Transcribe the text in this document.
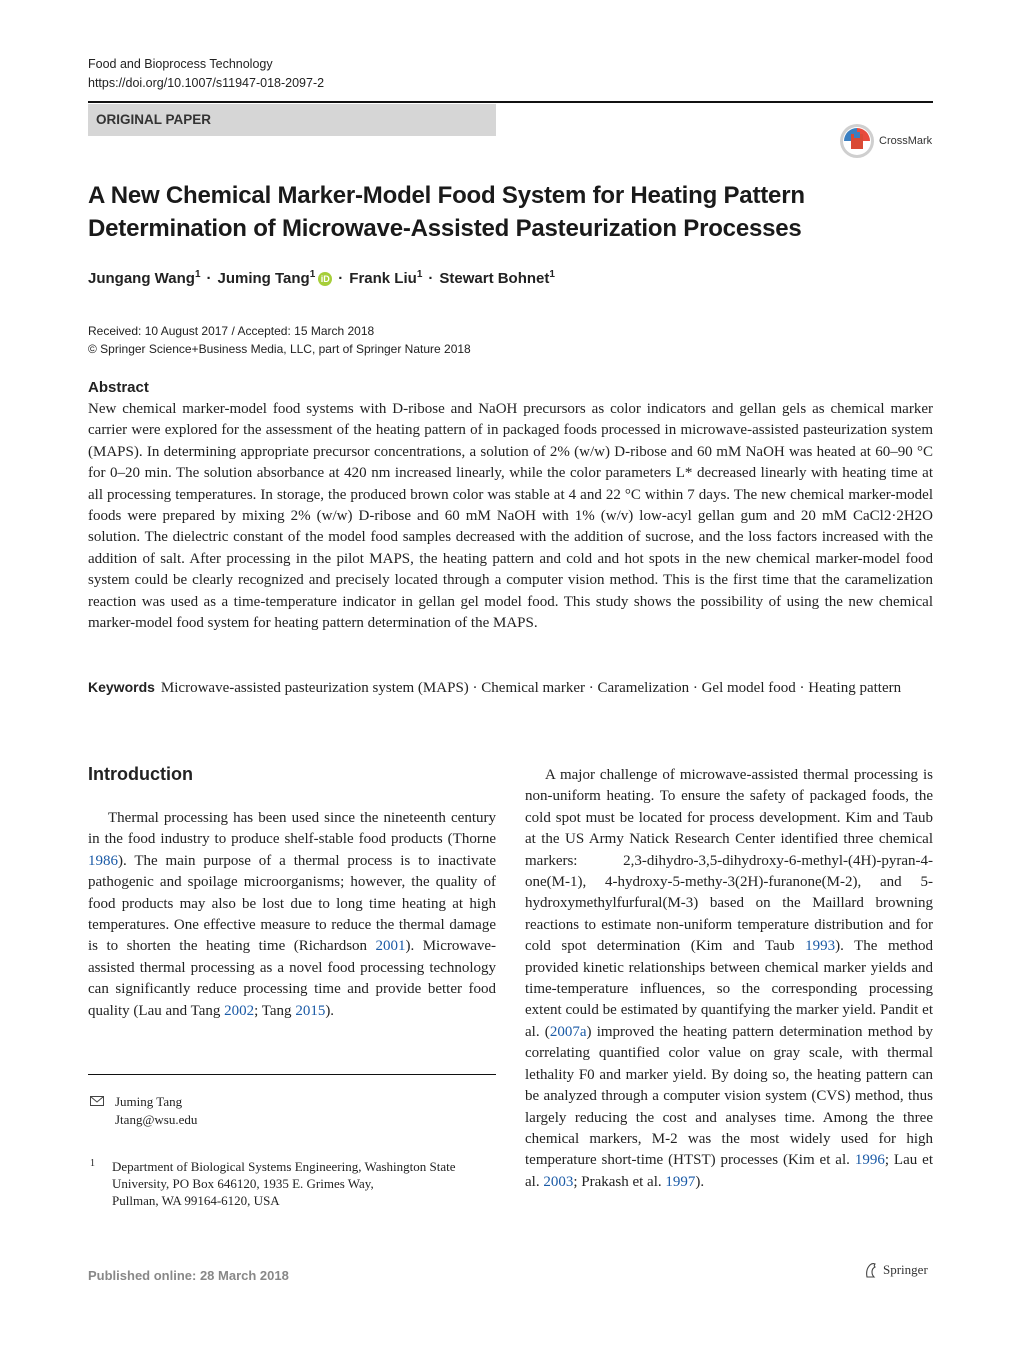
Food and Bioprocess Technology
https://doi.org/10.1007/s11947-018-2097-2
ORIGINAL PAPER
CrossMark
A New Chemical Marker-Model Food System for Heating Pattern
Determination of Microwave-Assisted Pasteurization Processes
Jungang Wang$^1$ · Juming Tang$^1$ iD · Frank Liu$^1$ · Stewart Bohnet$^1$
Received: 10 August 2017 / Accepted: 15 March 2018
© Springer Science+Business Media, LLC, part of Springer Nature 2018
Abstract
New chemical marker-model food systems with D-ribose and NaOH precursors as color indicators and gellan gels as chemical marker carrier were explored for the assessment of the heating pattern of in packaged foods processed in microwave-assisted pasteurization system (MAPS). In determining appropriate precursor concentrations, a solution of 2% (w/w) D-ribose and 60 mM NaOH was heated at 60–90 °C for 0–20 min. The solution absorbance at 420 nm increased linearly, while the color parameters L* decreased linearly with heating time at all processing temperatures. In storage, the produced brown color was stable at 4 and 22 °C within 7 days. The new chemical marker-model foods were prepared by mixing 2% (w/w) D-ribose and 60 mM NaOH with 1% (w/v) low-acyl gellan gum and 20 mM CaCl2·2H2O solution. The dielectric constant of the model food samples decreased with the addition of sucrose, and the loss factors increased with the addition of salt. After processing in the pilot MAPS, the heating pattern and cold and hot spots in the new chemical marker-model food system could be clearly recognized and precisely located through a computer vision method. This is the first time that the caramelization reaction was used as a time-temperature indicator in gellan gel model food. This study shows the possibility of using the new chemical marker-model food system for heating pattern determination of the MAPS.
Keywords Microwave-assisted pasteurization system (MAPS) · Chemical marker · Caramelization · Gel model food · Heating pattern
Introduction

Thermal processing has been used since the nineteenth century in the food industry to produce shelf-stable food products (Thorne 1986). The main purpose of a thermal process is to inactivate pathogenic and spoilage microorganisms; however, the quality of food products may also be lost due to long time heating at high temperatures. One effective measure to reduce the thermal damage is to shorten the heating time (Richardson 2001). Microwave-assisted thermal processing as a novel food processing technology can significantly reduce processing time and provide better food quality (Lau and Tang 2002; Tang 2015).

A major challenge of microwave-assisted thermal processing is non-uniform heating. To ensure the safety of packaged foods, the cold spot must be located for process development. Kim and Taub at the US Army Natick Research Center identified three chemical markers: 2,3-dihydro-3,5-dihydroxy-6-methyl-(4H)-pyran-4-one(M-1), 4-hydroxy-5-methy-3(2H)-furanone(M-2), and 5-hydroxymethylfurfural(M-3) based on the Maillard browning reactions to estimate non-uniform temperature distribution and for cold spot determination (Kim and Taub 1993). The method provided kinetic relationships between chemical marker yields and time-temperature influences, so the corresponding processing extent could be estimated by quantifying the marker yield. Pandit et al. (2007a) improved the heating pattern determination method by correlating quantified color value on gray scale, with thermal lethality F0 and marker yield. By doing so, the heating pattern can be analyzed through a computer vision system (CVS) method, thus largely reducing the cost and analyses time. Among the three chemical markers, M-2 was the most widely used for high temperature short-time (HTST) processes (Kim et al. 1996; Lau et al. 2003; Prakash et al. 1997).

Juming Tang
Jtang@wsu.edu
1 Department of Biological Systems Engineering, Washington State
University, PO Box 646120, 1935 E. Grimes Way,
Pullman, WA 99164-6120, USA
Published online: 28 March 2018	Springer
